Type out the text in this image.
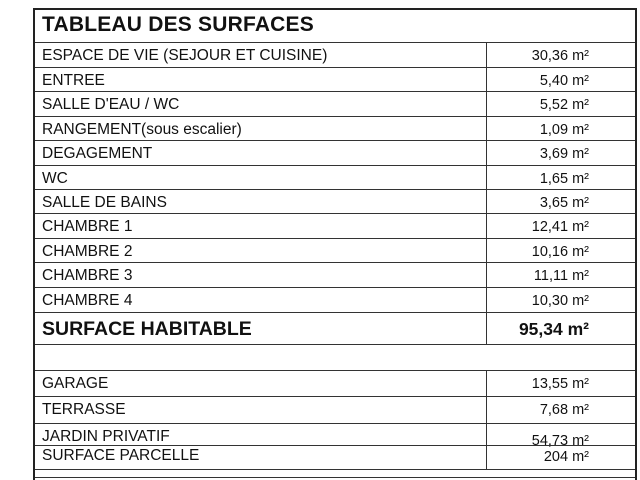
TABLEAU DES SURFACES
ESPACE DE VIE (SEJOUR ET CUISINE)	30,36 m²
ENTREE	5,40 m²
SALLE D'EAU / WC	5,52 m²
RANGEMENT(sous escalier)	1,09 m²
DEGAGEMENT	3,69 m²
WC	1,65 m²
SALLE DE BAINS	3,65 m²
CHAMBRE 1	12,41 m²
CHAMBRE 2	10,16 m²
CHAMBRE 3	11,11 m²
CHAMBRE 4	10,30 m²
SURFACE HABITABLE	95,34 m²
GARAGE	13,55 m²
TERRASSE	7,68 m²
JARDIN PRIVATIF	54,73 m²
SURFACE PARCELLE	204 m²
